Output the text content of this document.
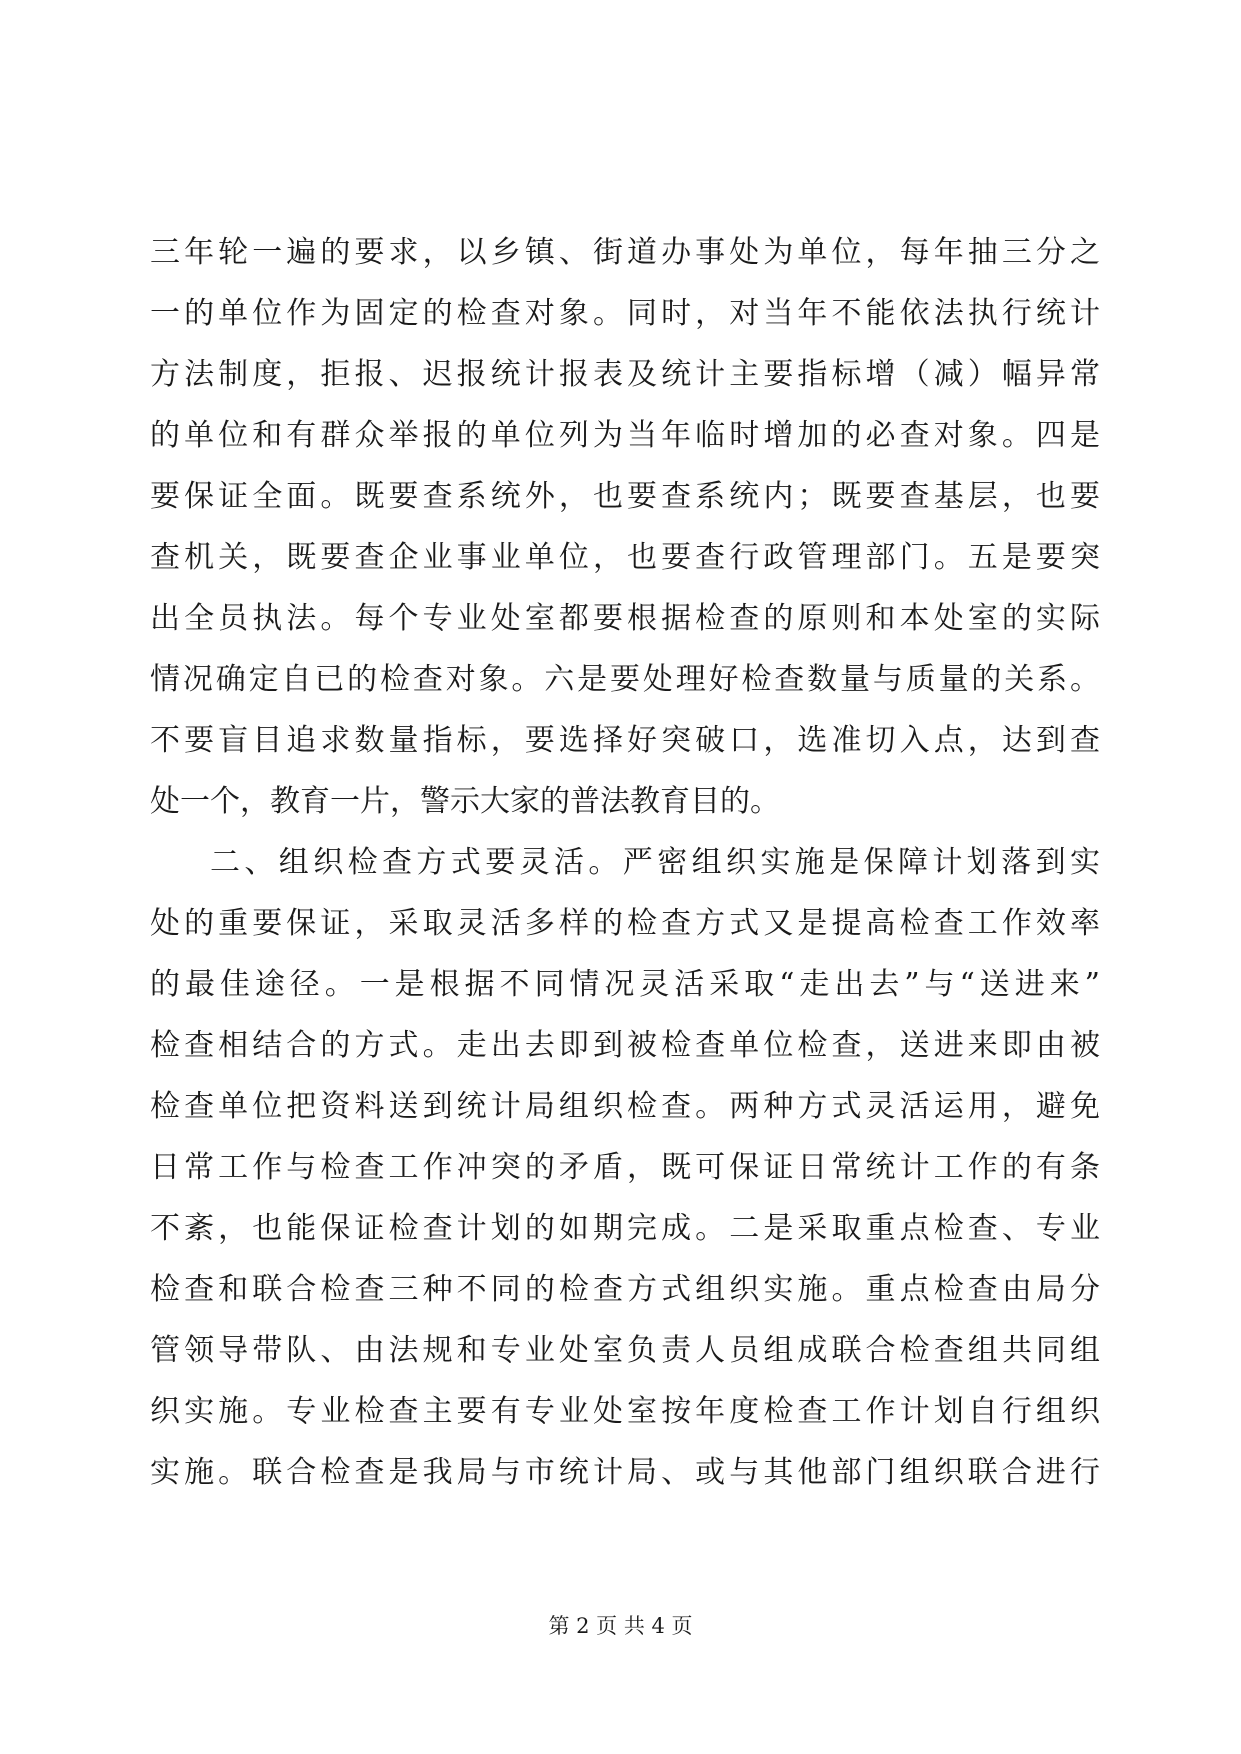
三年轮一遍的要求，以乡镇、街道办事处为单位，每年抽三分之
一的单位作为固定的检查对象。同时，对当年不能依法执行统计
方法制度，拒报、迟报统计报表及统计主要指标增（减）幅异常
的单位和有群众举报的单位列为当年临时增加的必查对象。四是
要保证全面。既要查系统外，也要查系统内；既要查基层，也要
查机关，既要查企业事业单位，也要查行政管理部门。五是要突
出全员执法。每个专业处室都要根据检查的原则和本处室的实际
情况确定自已的检查对象。六是要处理好检查数量与质量的关系。
不要盲目追求数量指标，要选择好突破口，选准切入点，达到查
处一个，教育一片，警示大家的普法教育目的。
二、组织检查方式要灵活。严密组织实施是保障计划落到实
处的重要保证，采取灵活多样的检查方式又是提高检查工作效率
的最佳途径。一是根据不同情况灵活采取“走出去”与“送进来”
检查相结合的方式。走出去即到被检查单位检查，送进来即由被
检查单位把资料送到统计局组织检查。两种方式灵活运用，避免
日常工作与检查工作冲突的矛盾，既可保证日常统计工作的有条
不紊，也能保证检查计划的如期完成。二是采取重点检查、专业
检查和联合检查三种不同的检查方式组织实施。重点检查由局分
管领导带队、由法规和专业处室负责人员组成联合检查组共同组
织实施。专业检查主要有专业处室按年度检查工作计划自行组织
实施。联合检查是我局与市统计局、或与其他部门组织联合进行
第 2 页 共 4 页
